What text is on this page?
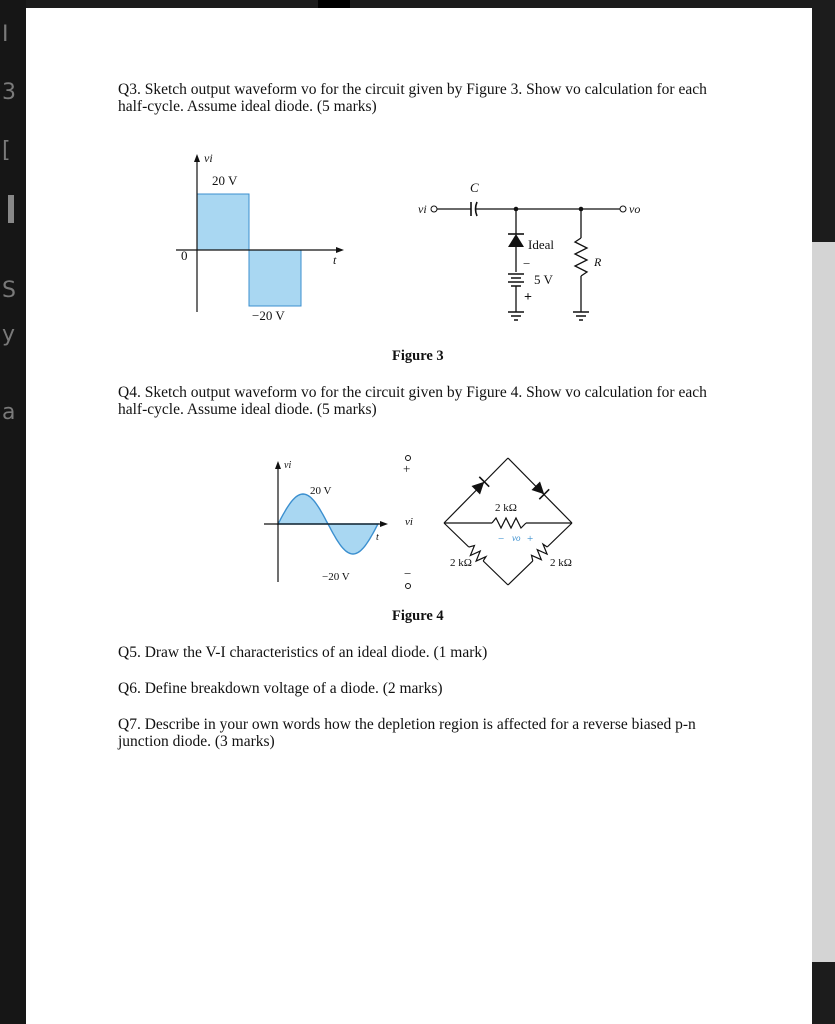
I
3
[
S
y
a
Q3. Sketch output waveform vo for the circuit given by Figure 3. Show vo calculation for each half-cycle. Assume ideal diode. (5 marks)
vi
20 V
0	t
−20 V
vi
C
vo
Ideal
−
5 V
+
R
Figure 3
Q4. Sketch output waveform vo for the circuit given by Figure 4. Show vo calculation for each half-cycle. Assume ideal diode. (5 marks)
vi
20 V
t
−20 V
+
vi
−
2 kΩ
− vo +
2 kΩ	2 kΩ
Figure 4
Q5. Draw the V-I characteristics of an ideal diode. (1 mark)
Q6. Define breakdown voltage of a diode. (2 marks)
Q7. Describe in your own words how the depletion region is affected for a reverse biased p-n junction diode. (3 marks)
